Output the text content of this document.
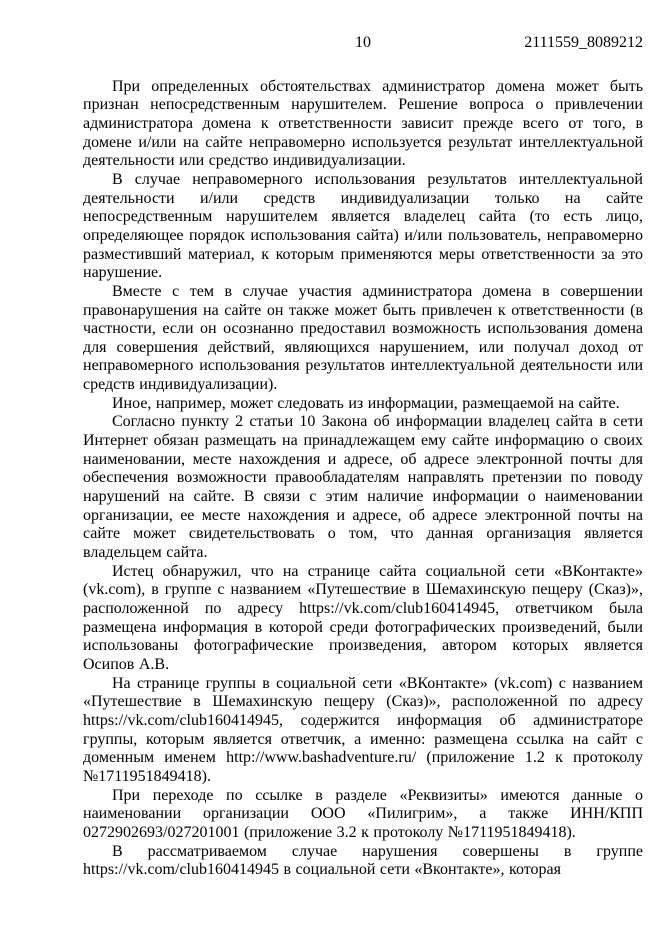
10	2111559_8089212

При определенных обстоятельствах администратор домена может быть признан непосредственным нарушителем. Решение вопроса о привлечении администратора домена к ответственности зависит прежде всего от того, в домене и/или на сайте неправомерно используется результат интеллектуальной деятельности или средство индивидуализации.

В случае неправомерного использования результатов интеллектуальной деятельности и/или средств индивидуализации только на сайте непосредственным нарушителем является владелец сайта (то есть лицо, определяющее порядок использования сайта) и/или пользователь, неправомерно разместивший материал, к которым применяются меры ответственности за это нарушение.

Вместе с тем в случае участия администратора домена в совершении правонарушения на сайте он также может быть привлечен к ответственности (в частности, если он осознанно предоставил возможность использования домена для совершения действий, являющихся нарушением, или получал доход от неправомерного использования результатов интеллектуальной деятельности или средств индивидуализации).

Иное, например, может следовать из информации, размещаемой на сайте.

Согласно пункту 2 статьи 10 Закона об информации владелец сайта в сети Интернет обязан размещать на принадлежащем ему сайте информацию о своих наименовании, месте нахождения и адресе, об адресе электронной почты для обеспечения возможности правообладателям направлять претензии по поводу нарушений на сайте. В связи с этим наличие информации о наименовании организации, ее месте нахождения и адресе, об адресе электронной почты на сайте может свидетельствовать о том, что данная организация является владельцем сайта.

Истец обнаружил, что на странице сайта социальной сети «ВКонтакте» (vk.com), в группе с названием «Путешествие в Шемахинскую пещеру (Сказ)», расположенной по адресу https://vk.com/club160414945, ответчиком была размещена информация в которой среди фотографических произведений, были использованы фотографические произведения, автором которых является Осипов А.В.

На странице группы в социальной сети «ВКонтакте» (vk.com) с названием «Путешествие в Шемахинскую пещеру (Сказ)», расположенной по адресу https://vk.com/club160414945, содержится информация об администраторе группы, которым является ответчик, а именно: размещена ссылка на сайт с доменным именем http://www.bashadventure.ru/ (приложение 1.2 к протоколу №1711951849418).

При переходе по ссылке в разделе «Реквизиты» имеются данные о наименовании организации ООО «Пилигрим», а также ИНН/КПП 0272902693/027201001 (приложение 3.2 к протоколу №1711951849418).

В рассматриваемом случае нарушения совершены в группе https://vk.com/club160414945 в социальной сети «Вконтакте», которая
